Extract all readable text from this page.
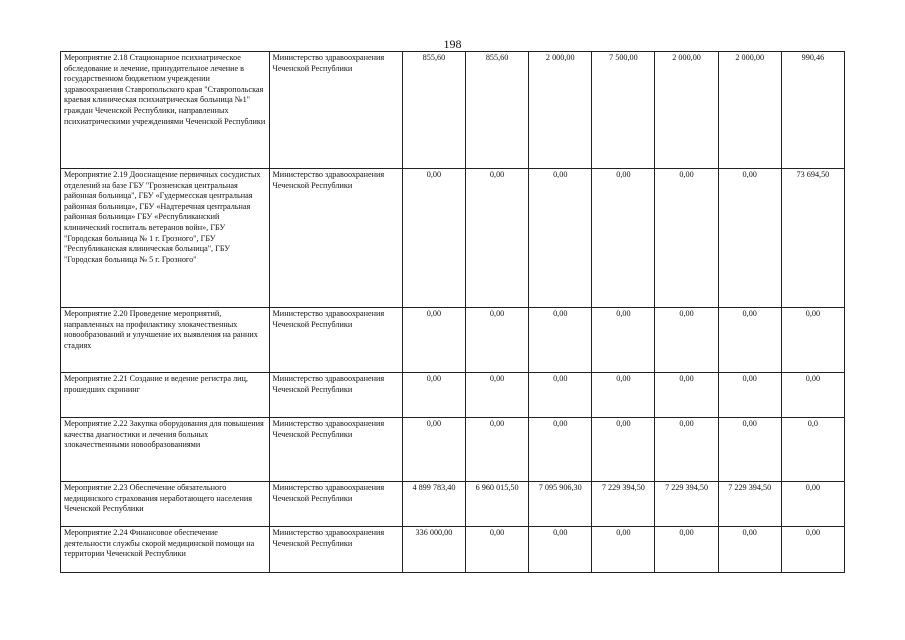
198
Мероприятие 2.18 Стационарное психиатрическое обследование и лечение, принудительное лечение в государственном бюджетном учреждении здравоохранения Ставропольского края "Ставропольская краевая клиническая психиатрическая больница №1" граждан Чеченской Республики, направленных психиатрическими учреждениями Чеченской Республики	Министерство здравоохранения Чеченской Республики	855,60	855,60	2 000,00	7 500,00	2 000,00	2 000,00	990,46
Мероприятие 2.19 Дооснащение первичных сосудистых отделений на базе ГБУ "Грозненская центральная районная больница", ГБУ «Гудермесская центральная районная больница», ГБУ «Надтеречная центральная районная больница» ГБУ «Республиканский клинический госпиталь ветеранов войн», ГБУ "Городская больница № 1 г. Грозного", ГБУ "Республиканская клиническая больница", ГБУ "Городская больница № 5 г. Грозного"	Министерство здравоохранения Чеченской Республики	0,00	0,00	0,00	0,00	0,00	0,00	73 694,50
Мероприятие 2.20 Проведение мероприятий, направленных на профилактику злокачественных новообразований и улучшение их выявления на ранних стадиях	Министерство здравоохранения Чеченской Республики	0,00	0,00	0,00	0,00	0,00	0,00	0,00
Мероприятие 2.21 Создание и ведение регистра лиц, прошедших скрининг	Министерство здравоохранения Чеченской Республики	0,00	0,00	0,00	0,00	0,00	0,00	0,00
Мероприятие 2.22 Закупка оборудования для повышения качества диагностики и лечения больных злокачественными новообразованиями	Министерство здравоохранения Чеченской Республики	0,00	0,00	0,00	0,00	0,00	0,00	0,0
Мероприятие 2.23 Обеспечение обязательного медицинского страхования неработающего населения Чеченской Республики	Министерство здравоохранения Чеченской Республики	4 899 783,40	6 960 015,50	7 095 906,30	7 229 394,50	7 229 394,50	7 229 394,50	0,00
Мероприятие 2.24 Финансовое обеспечение деятельности службы скорой медицинской помощи на территории Чеченской Республики	Министерство здравоохранения Чеченской Республики	336 000,00	0,00	0,00	0,00	0,00	0,00	0,00
